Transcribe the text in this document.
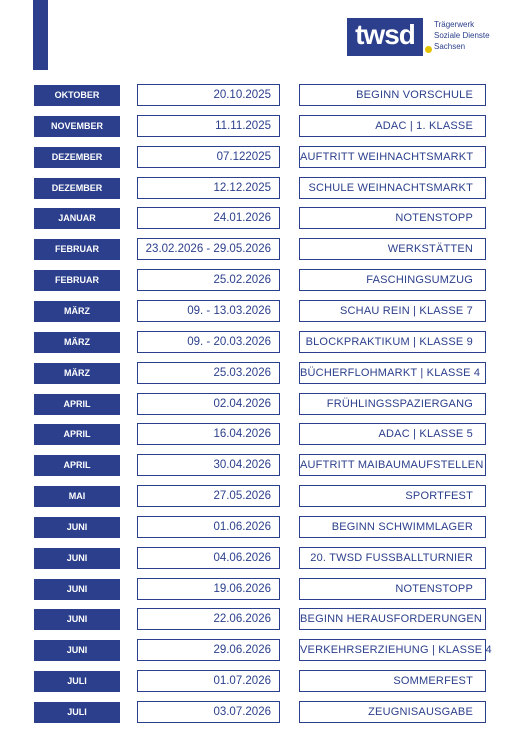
25 | 26	twsd	Trägerwerk
Soziale Dienste
Sachsen
OKTOBER	20.10.2025	BEGINN VORSCHULE
NOVEMBER	11.11.2025	ADAC | 1. KLASSE
DEZEMBER	07.122025	AUFTRITT WEIHNACHTSMARKT
DEZEMBER	12.12.2025	SCHULE WEIHNACHTSMARKT
JANUAR	24.01.2026	NOTENSTOPP
FEBRUAR	23.02.2026 - 29.05.2026	WERKSTÄTTEN
FEBRUAR	25.02.2026	FASCHINGSUMZUG
MÄRZ	09. - 13.03.2026	SCHAU REIN | KLASSE 7
MÄRZ	09. - 20.03.2026	BLOCKPRAKTIKUM | KLASSE 9
MÄRZ	25.03.2026	BÜCHERFLOHMARKT | KLASSE 4
APRIL	02.04.2026	FRÜHLINGSSPAZIERGANG
APRIL	16.04.2026	ADAC | KLASSE 5
APRIL	30.04.2026	AUFTRITT MAIBAUMAUFSTELLEN
MAI	27.05.2026	SPORTFEST
JUNI	01.06.2026	BEGINN SCHWIMMLAGER
JUNI	04.06.2026	20. TWSD FUSSBALLTURNIER
JUNI	19.06.2026	NOTENSTOPP
JUNI	22.06.2026	BEGINN HERAUSFORDERUNGEN
JUNI	29.06.2026	VERKEHRSERZIEHUNG | KLASSE 4
JULI	01.07.2026	SOMMERFEST
JULI	03.07.2026	ZEUGNISAUSGABE
